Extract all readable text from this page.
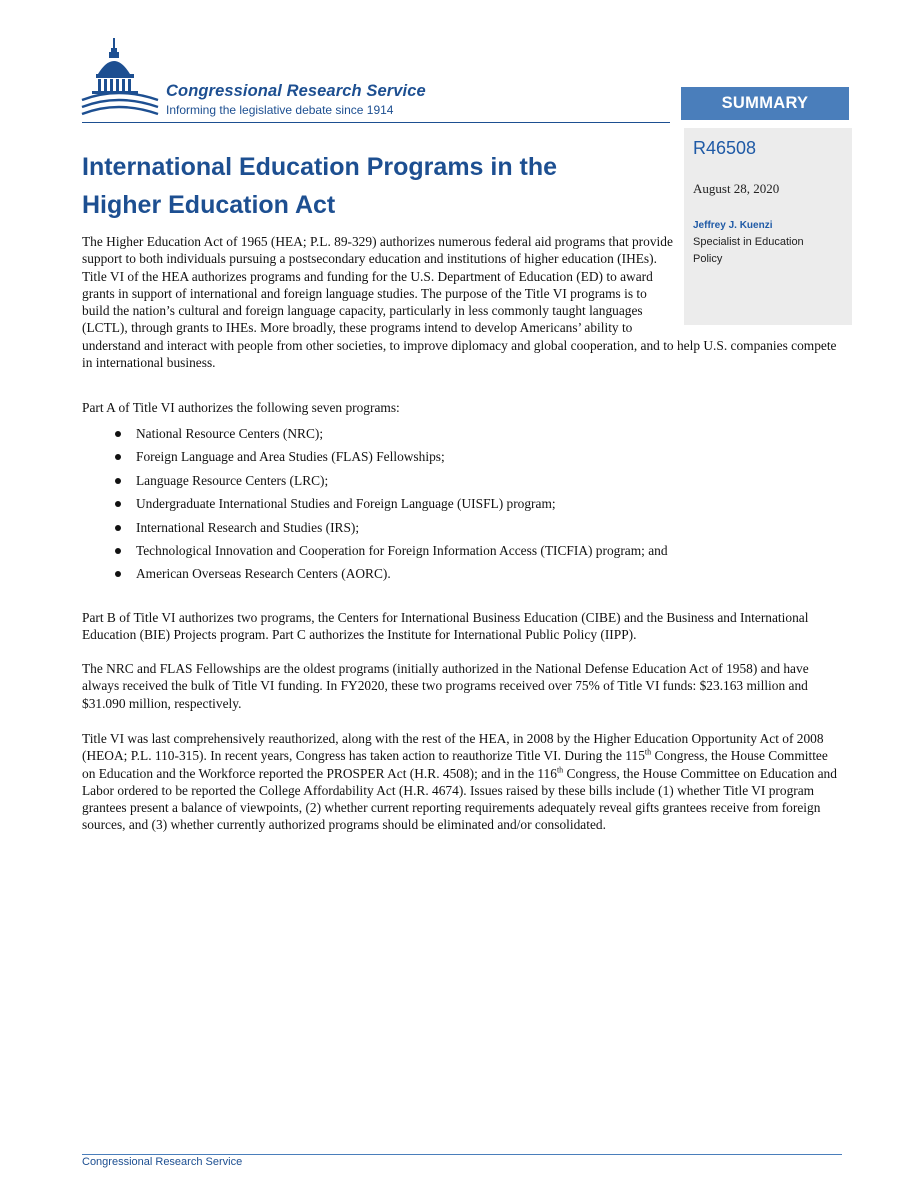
Congressional Research Service
Informing the legislative debate since 1914	SUMMARY
R46508
August 28, 2020
Jeffrey J. Kuenzi
Specialist in Education Policy
International Education Programs in the Higher Education Act

The Higher Education Act of 1965 (HEA; P.L. 89-329) authorizes numerous federal aid programs that provide support to both individuals pursuing a postsecondary education and institutions of higher education (IHEs). Title VI of the HEA authorizes programs and funding for the U.S. Department of Education (ED) to award grants in support of international and foreign language studies. The purpose of the Title VI programs is to build the nation’s cultural and foreign language capacity, particularly in less commonly taught languages (LCTL), through grants to IHEs. More broadly, these programs intend to develop Americans’ ability to understand and interact with people from other societies, to improve diplomacy and global cooperation, and to help U.S. companies compete in international business.

Part A of Title VI authorizes the following seven programs:

National Resource Centers (NRC);
Foreign Language and Area Studies (FLAS) Fellowships;
Language Resource Centers (LRC);
Undergraduate International Studies and Foreign Language (UISFL) program;
International Research and Studies (IRS);
Technological Innovation and Cooperation for Foreign Information Access (TICFIA) program; and
American Overseas Research Centers (AORC).

Part B of Title VI authorizes two programs, the Centers for International Business Education (CIBE) and the Business and International Education (BIE) Projects program. Part C authorizes the Institute for International Public Policy (IIPP).

The NRC and FLAS Fellowships are the oldest programs (initially authorized in the National Defense Education Act of 1958) and have always received the bulk of Title VI funding. In FY2020, these two programs received over 75% of Title VI funds: $23.163 million and $31.090 million, respectively.

Title VI was last comprehensively reauthorized, along with the rest of the HEA, in 2008 by the Higher Education Opportunity Act of 2008 (HEOA; P.L. 110-315). In recent years, Congress has taken action to reauthorize Title VI. During the 115th Congress, the House Committee on Education and the Workforce reported the PROSPER Act (H.R. 4508); and in the 116th Congress, the House Committee on Education and Labor ordered to be reported the College Affordability Act (H.R. 4674). Issues raised by these bills include (1) whether Title VI program grantees present a balance of viewpoints, (2) whether current reporting requirements adequately reveal gifts grantees receive from foreign sources, and (3) whether currently authorized programs should be eliminated and/or consolidated.

Congressional Research Service
